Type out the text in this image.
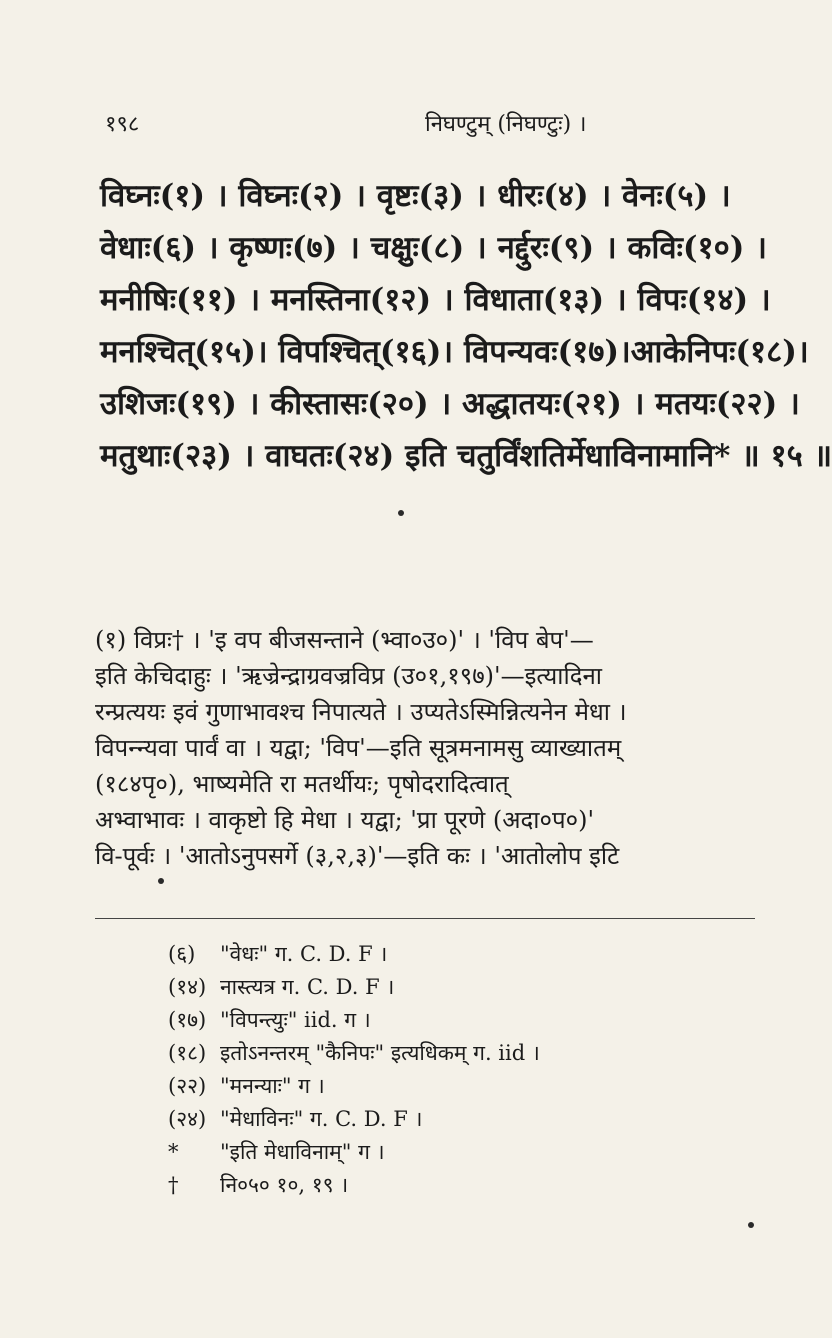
१९८	निघण्टुम् (निघण्टुः) ।

विघ्नः(१) । विघ्नः(२) । वृष्टः(३) । धीरः(४) । वेनः(५) ।

वेधाः(६) । कृष्णः(७) । चक्षुः(८) । नर्द्दुरः(९) । कविः(१०) ।

मनीषिः(११) । मनस्तिना(१२) । विधाता(१३) । विपः(१४) ।

मनश्चित्(१५)। विपश्चित्(१६)। विपन्यवः(१७)।आकेनिपः(१८)।

उशिजः(१९) । कीस्तासः(२०) । अद्धातयः(२१) । मतयः(२२) ।

मतुथाः(२३) । वाघतः(२४) इति चतुर्विंशतिर्मेधाविनामानि* ॥ १५ ॥

(१) विप्रः† । 'इ वप बीजसन्ताने (भ्वा०उ०)' । 'विप बेप'—

इति केचिदाहुः । 'ऋज्रेन्द्राग्रवज्रविप्र (उ०१,१९७)'—इत्यादिना

रन्प्रत्ययः इवं गुणाभावश्च निपात्यते । उप्यतेऽस्मिन्नित्यनेन मेधा ।

विपन्न्यवा पार्वं वा । यद्वा; 'विप'—इति सूत्रमनामसु व्याख्यातम्

(१८४पृ०), भाष्यमेति रा मतर्थीयः; पृषोदरादित्वात्

अभ्वाभावः । वाकृष्टो हि मेधा । यद्वा; 'प्रा पूरणे (अदा०प०)'

वि-पूर्वः । 'आतोऽनुपसर्गे (३,२,३)'—इति कः । 'आतोलोप इटि

(६) "वेधः" ग. C. D. F ।

(१४) नास्त्यत्र ग. C. D. F ।

(१७) "विपन्त्युः" iid. ग ।

(१८) इतोऽनन्तरम् "कैनिपः" इत्यधिकम् ग. iid ।

(२२) "मनन्याः" ग ।

(२४) "मेधाविनः" ग. C. D. F ।

* "इति मेधाविनाम्" ग ।

† नि०५० १०, १९ ।
